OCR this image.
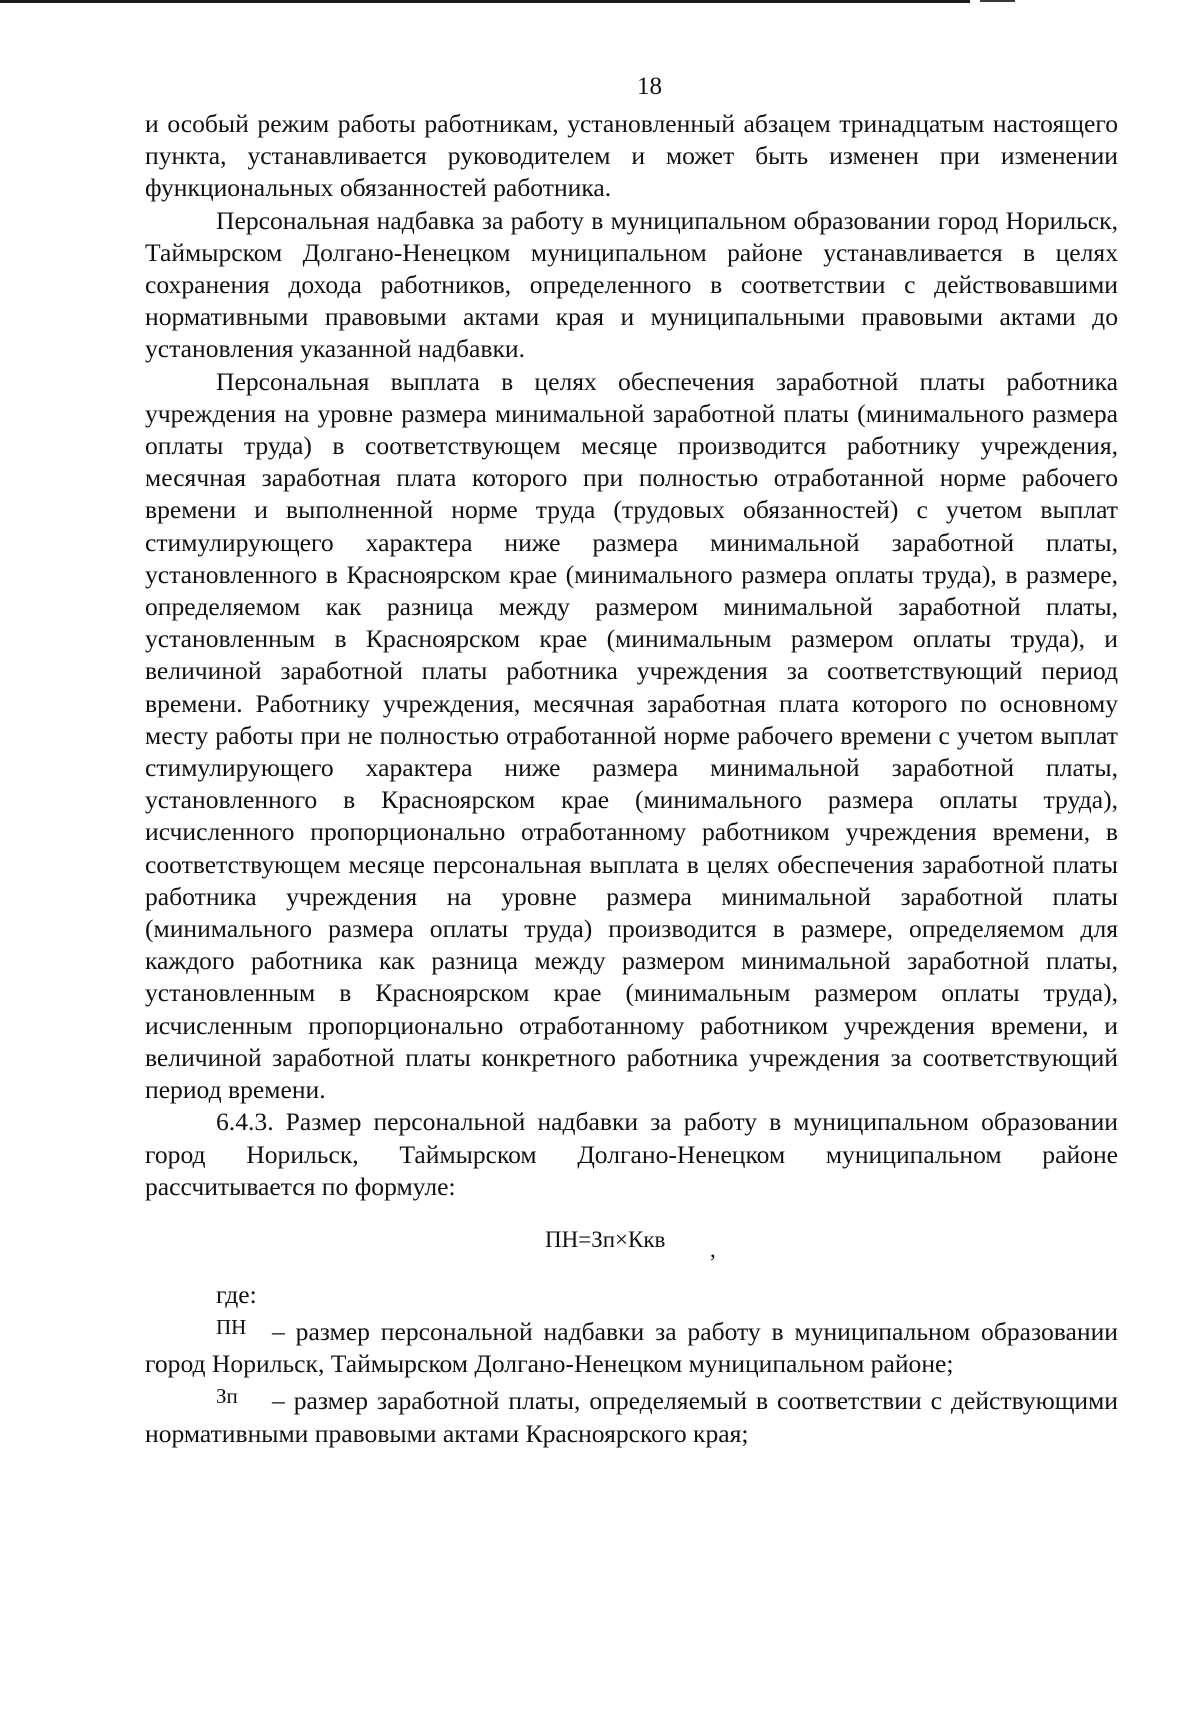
18

и особый режим работы работникам, установленный абзацем тринадцатым настоящего пункта, устанавливается руководителем и может быть изменен при изменении функциональных обязанностей работника.

Персональная надбавка за работу в муниципальном образовании город Норильск, Таймырском Долгано-Ненецком муниципальном районе устанавливается в целях сохранения дохода работников, определенного в соответствии с действовавшими нормативными правовыми актами края и муниципальными правовыми актами до установления указанной надбавки.

Персональная выплата в целях обеспечения заработной платы работника учреждения на уровне размера минимальной заработной платы (минимального размера оплаты труда) в соответствующем месяце производится работнику учреждения, месячная заработная плата которого при полностью отработанной норме рабочего времени и выполненной норме труда (трудовых обязанностей) с учетом выплат стимулирующего характера ниже размера минимальной заработной платы, установленного в Красноярском крае (минимального размера оплаты труда), в размере, определяемом как разница между размером минимальной заработной платы, установленным в Красноярском крае (минимальным размером оплаты труда), и величиной заработной платы работника учреждения за соответствующий период времени. Работнику учреждения, месячная заработная плата которого по основному месту работы при не полностью отработанной норме рабочего времени с учетом выплат стимулирующего характера ниже размера минимальной заработной платы, установленного в Красноярском крае (минимального размера оплаты труда), исчисленного пропорционально отработанному работником учреждения времени, в соответствующем месяце персональная выплата в целях обеспечения заработной платы работника учреждения на уровне размера минимальной заработной платы (минимального размера оплаты труда) производится в размере, определяемом для каждого работника как разница между размером минимальной заработной платы, установленным в Красноярском крае (минимальным размером оплаты труда), исчисленным пропорционально отработанному работником учреждения времени, и величиной заработной платы конкретного работника учреждения за соответствующий период времени.

6.4.3. Размер персональной надбавки за работу в муниципальном образовании город Норильск, Таймырском Долгано-Ненецком муниципальном районе рассчитывается по формуле:

ПН=Зп×Ккв ,
где:

ПН – размер персональной надбавки за работу в муниципальном образовании город Норильск, Таймырском Долгано-Ненецком муниципальном районе;

Зп – размер заработной платы, определяемый в соответствии с действующими нормативными правовыми актами Красноярского края;
